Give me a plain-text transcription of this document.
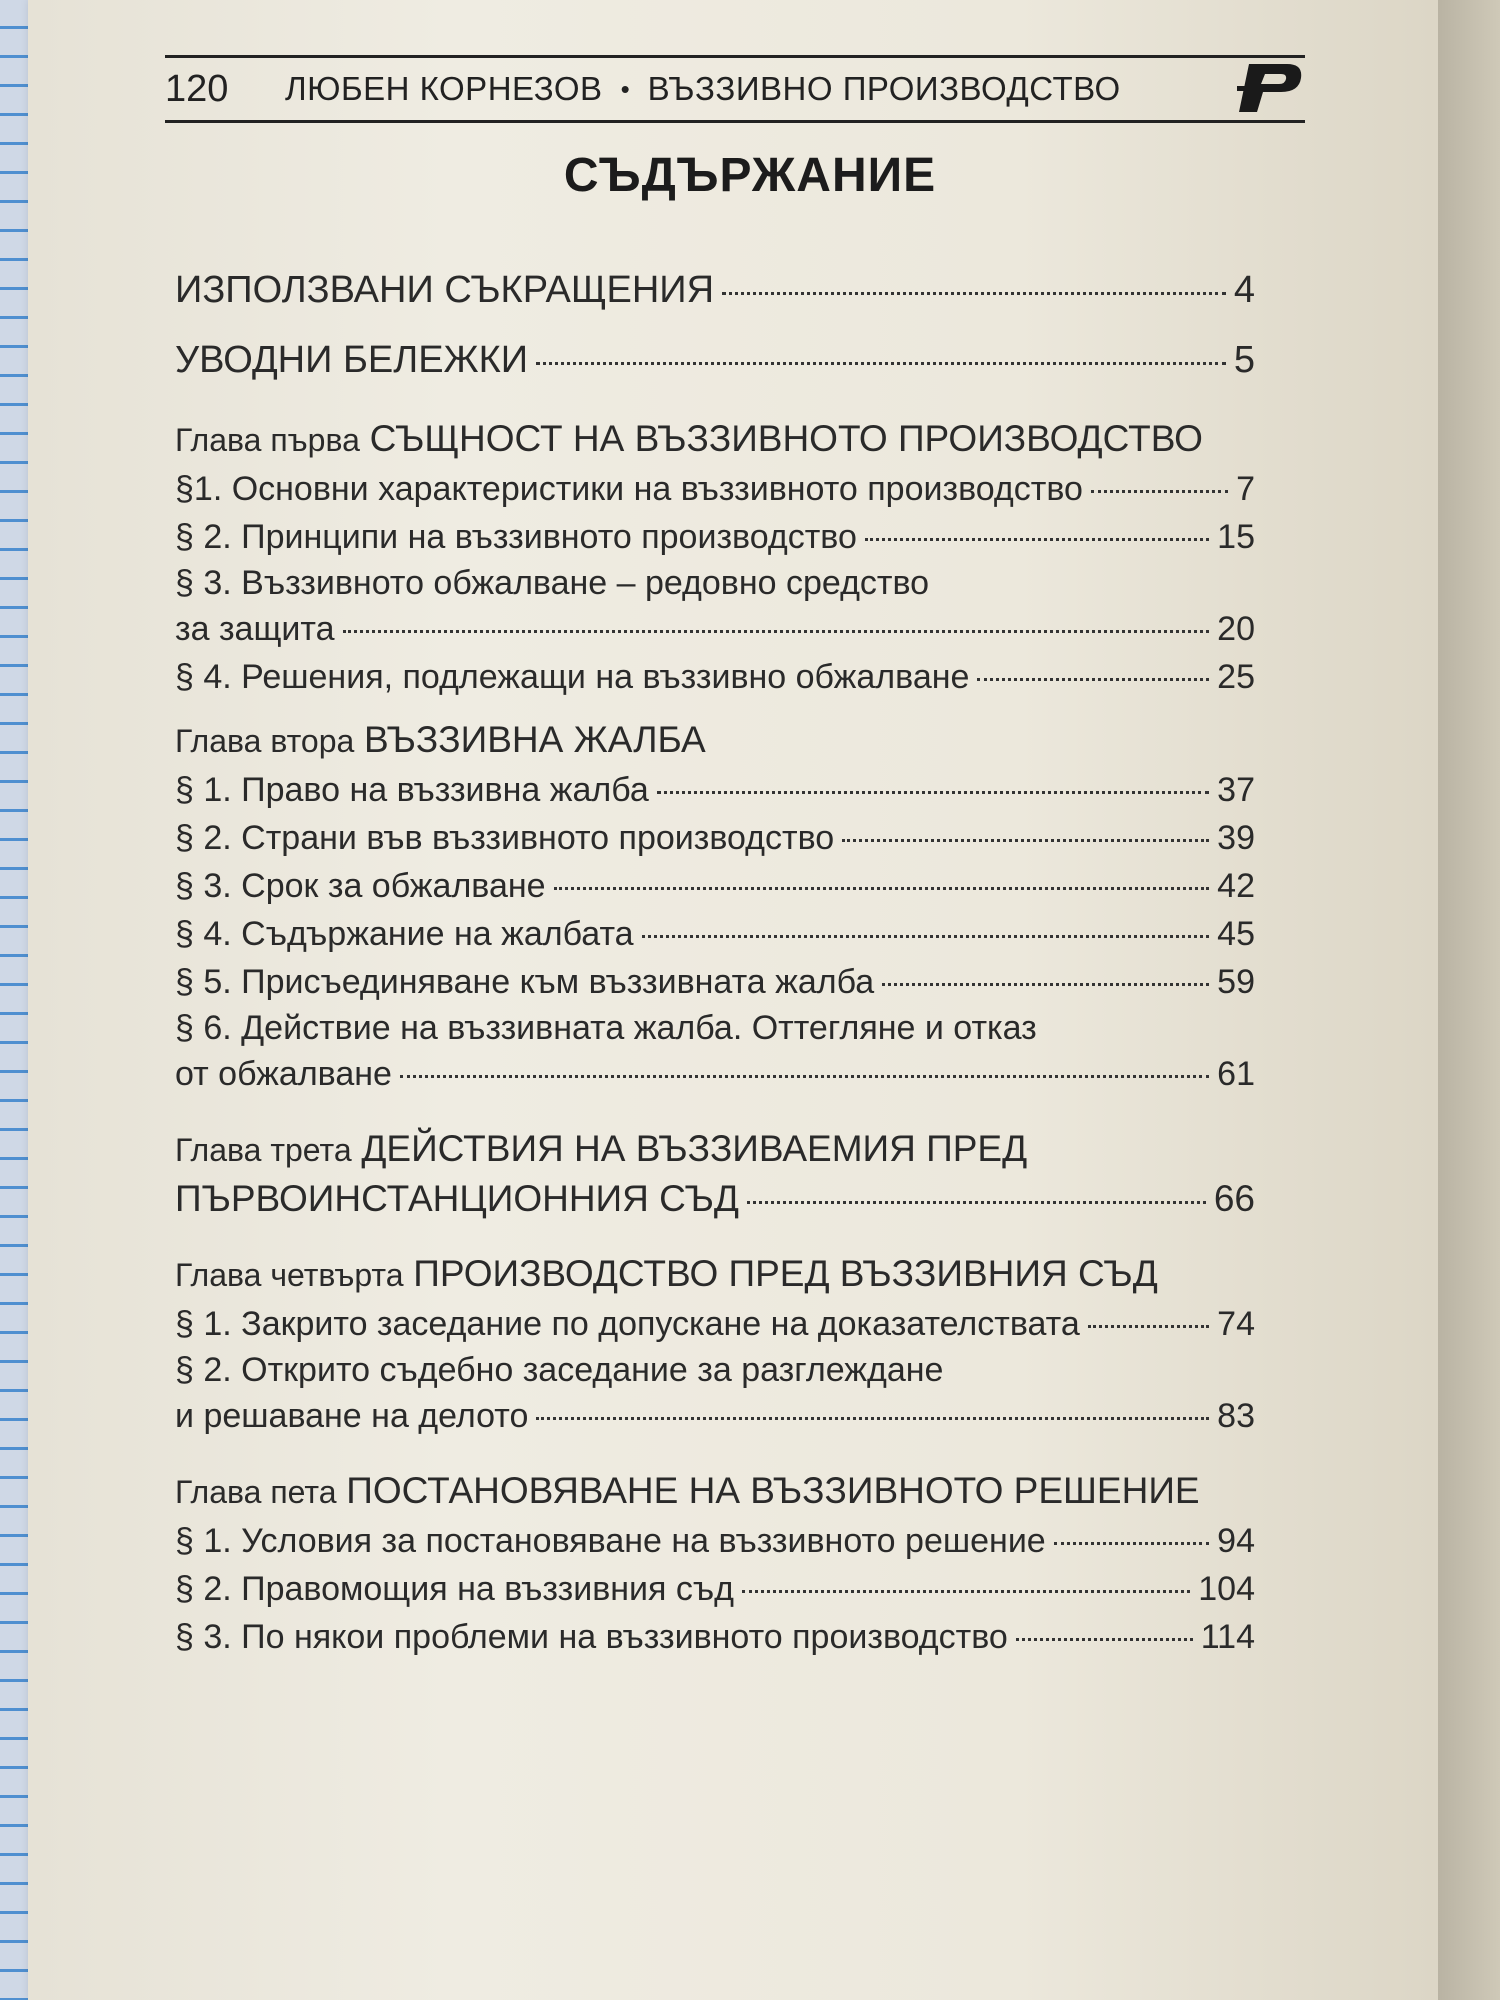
120	ЛЮБЕН КОРНЕЗОВ • ВЪЗЗИВНО ПРОИЗВОДСТВО
СЪДЪРЖАНИЕ
ИЗПОЛЗВАНИ СЪКРАЩЕНИЯ	4
УВОДНИ БЕЛЕЖКИ	5
Глава първа СЪЩНОСТ НА ВЪЗЗИВНОТО ПРОИЗВОДСТВО
§1. Основни характеристики на въззивното производство	7
§ 2. Принципи на въззивното производство	15
§ 3. Въззивното обжалване – редовно средство
за защита	20
§ 4. Решения, подлежащи на въззивно обжалване	25
Глава втора ВЪЗЗИВНА ЖАЛБА
§ 1. Право на въззивна жалба	37
§ 2. Страни във въззивното производство	39
§ 3. Срок за обжалване	42
§ 4. Съдържание на жалбата	45
§ 5. Присъединяване към въззивната жалба	59
§ 6. Действие на въззивната жалба. Оттегляне и отказ
от обжалване	61
Глава трета ДЕЙСТВИЯ НА ВЪЗЗИВАЕМИЯ ПРЕД
ПЪРВОИНСТАНЦИОННИЯ СЪД	66
Глава четвърта ПРОИЗВОДСТВО ПРЕД ВЪЗЗИВНИЯ СЪД
§ 1. Закрито заседание по допускане на доказателствата	74
§ 2. Открито съдебно заседание за разглеждане
и решаване на делото	83
Глава пета ПОСТАНОВЯВАНЕ НА ВЪЗЗИВНОТО РЕШЕНИЕ
§ 1. Условия за постановяване на въззивното решение	94
§ 2. Правомощия на въззивния съд	104
§ 3. По някои проблеми на въззивното производство	114
